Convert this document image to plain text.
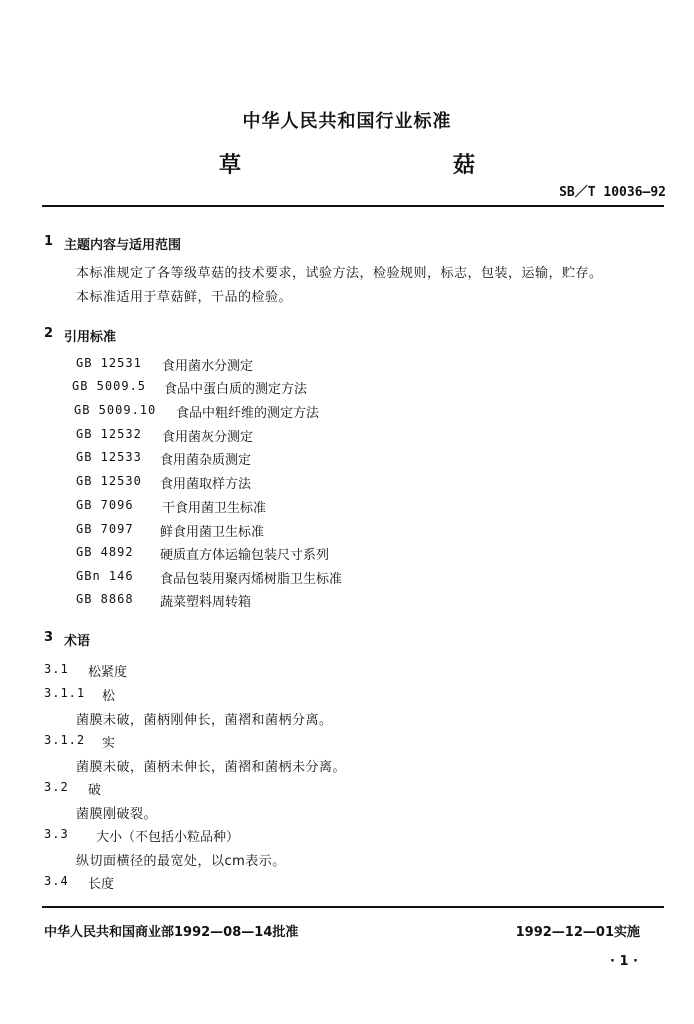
中华人民共和国行业标准
草　　菇
SB／T 10036—92
1 主题内容与适用范围
本标准规定了各等级草菇的技术要求，试验方法，检验规则，标志，包装，运输，贮存。
本标准适用于草菇鲜，干品的检验。
2 引用标准
GB 12531 食用菌水分测定
GB 5009.5 食品中蛋白质的测定方法
GB 5009.10 食品中粗纤维的测定方法
GB 12532 食用菌灰分测定
GB 12533 食用菌杂质测定
GB 12530 食用菌取样方法
GB 7096 干食用菌卫生标准
GB 7097 鲜食用菌卫生标准
GB 4892 硬质直方体运输包装尺寸系列
GBn 146 食品包装用聚丙烯树脂卫生标准
GB 8868 蔬菜塑料周转箱
3 术语
3.1 松紧度
3.1.1 松
菌膜未破，菌柄刚伸长，菌褶和菌柄分离。
3.1.2 实
菌膜未破，菌柄未伸长，菌褶和菌柄未分离。
3.2 破
菌膜刚破裂。
3.3 大小（不包括小粒品种）
纵切面横径的最宽处，以cm表示。
3.4 长度
中华人民共和国商业部1992—08—14批准	1992—12—01实施
· 1 ·
